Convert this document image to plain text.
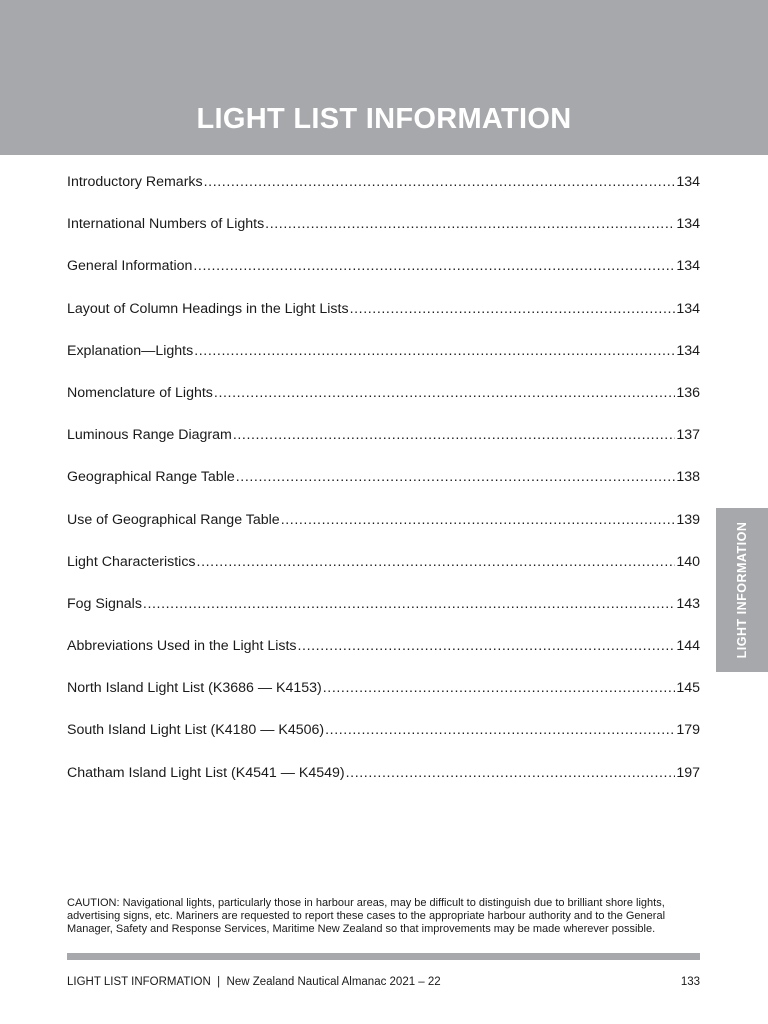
LIGHT LIST INFORMATION
Introductory Remarks .....	134
International Numbers of Lights .....	134
General Information .....	134
Layout of Column Headings in the Light Lists .....	134
Explanation—Lights .....	134
Nomenclature of Lights .....	136
Luminous Range Diagram .....	137
Geographical Range Table .....	138
Use of Geographical Range Table .....	139
Light Characteristics .....	140
Fog Signals .....	143
Abbreviations Used in the Light Lists .....	144
North Island Light List (K3686 — K4153) .....	145
South Island Light List (K4180 — K4506) .....	179
Chatham Island Light List (K4541 — K4549) .....	197
LIGHT INFORMATION
CAUTION: Navigational lights, particularly those in harbour areas, may be difficult to distinguish due to brilliant shore lights, advertising signs, etc. Mariners are requested to report these cases to the appropriate harbour authority and to the General Manager, Safety and Response Services, Maritime New Zealand so that improvements may be made wherever possible.
LIGHT LIST INFORMATION  |  New Zealand Nautical Almanac 2021 – 22	133
